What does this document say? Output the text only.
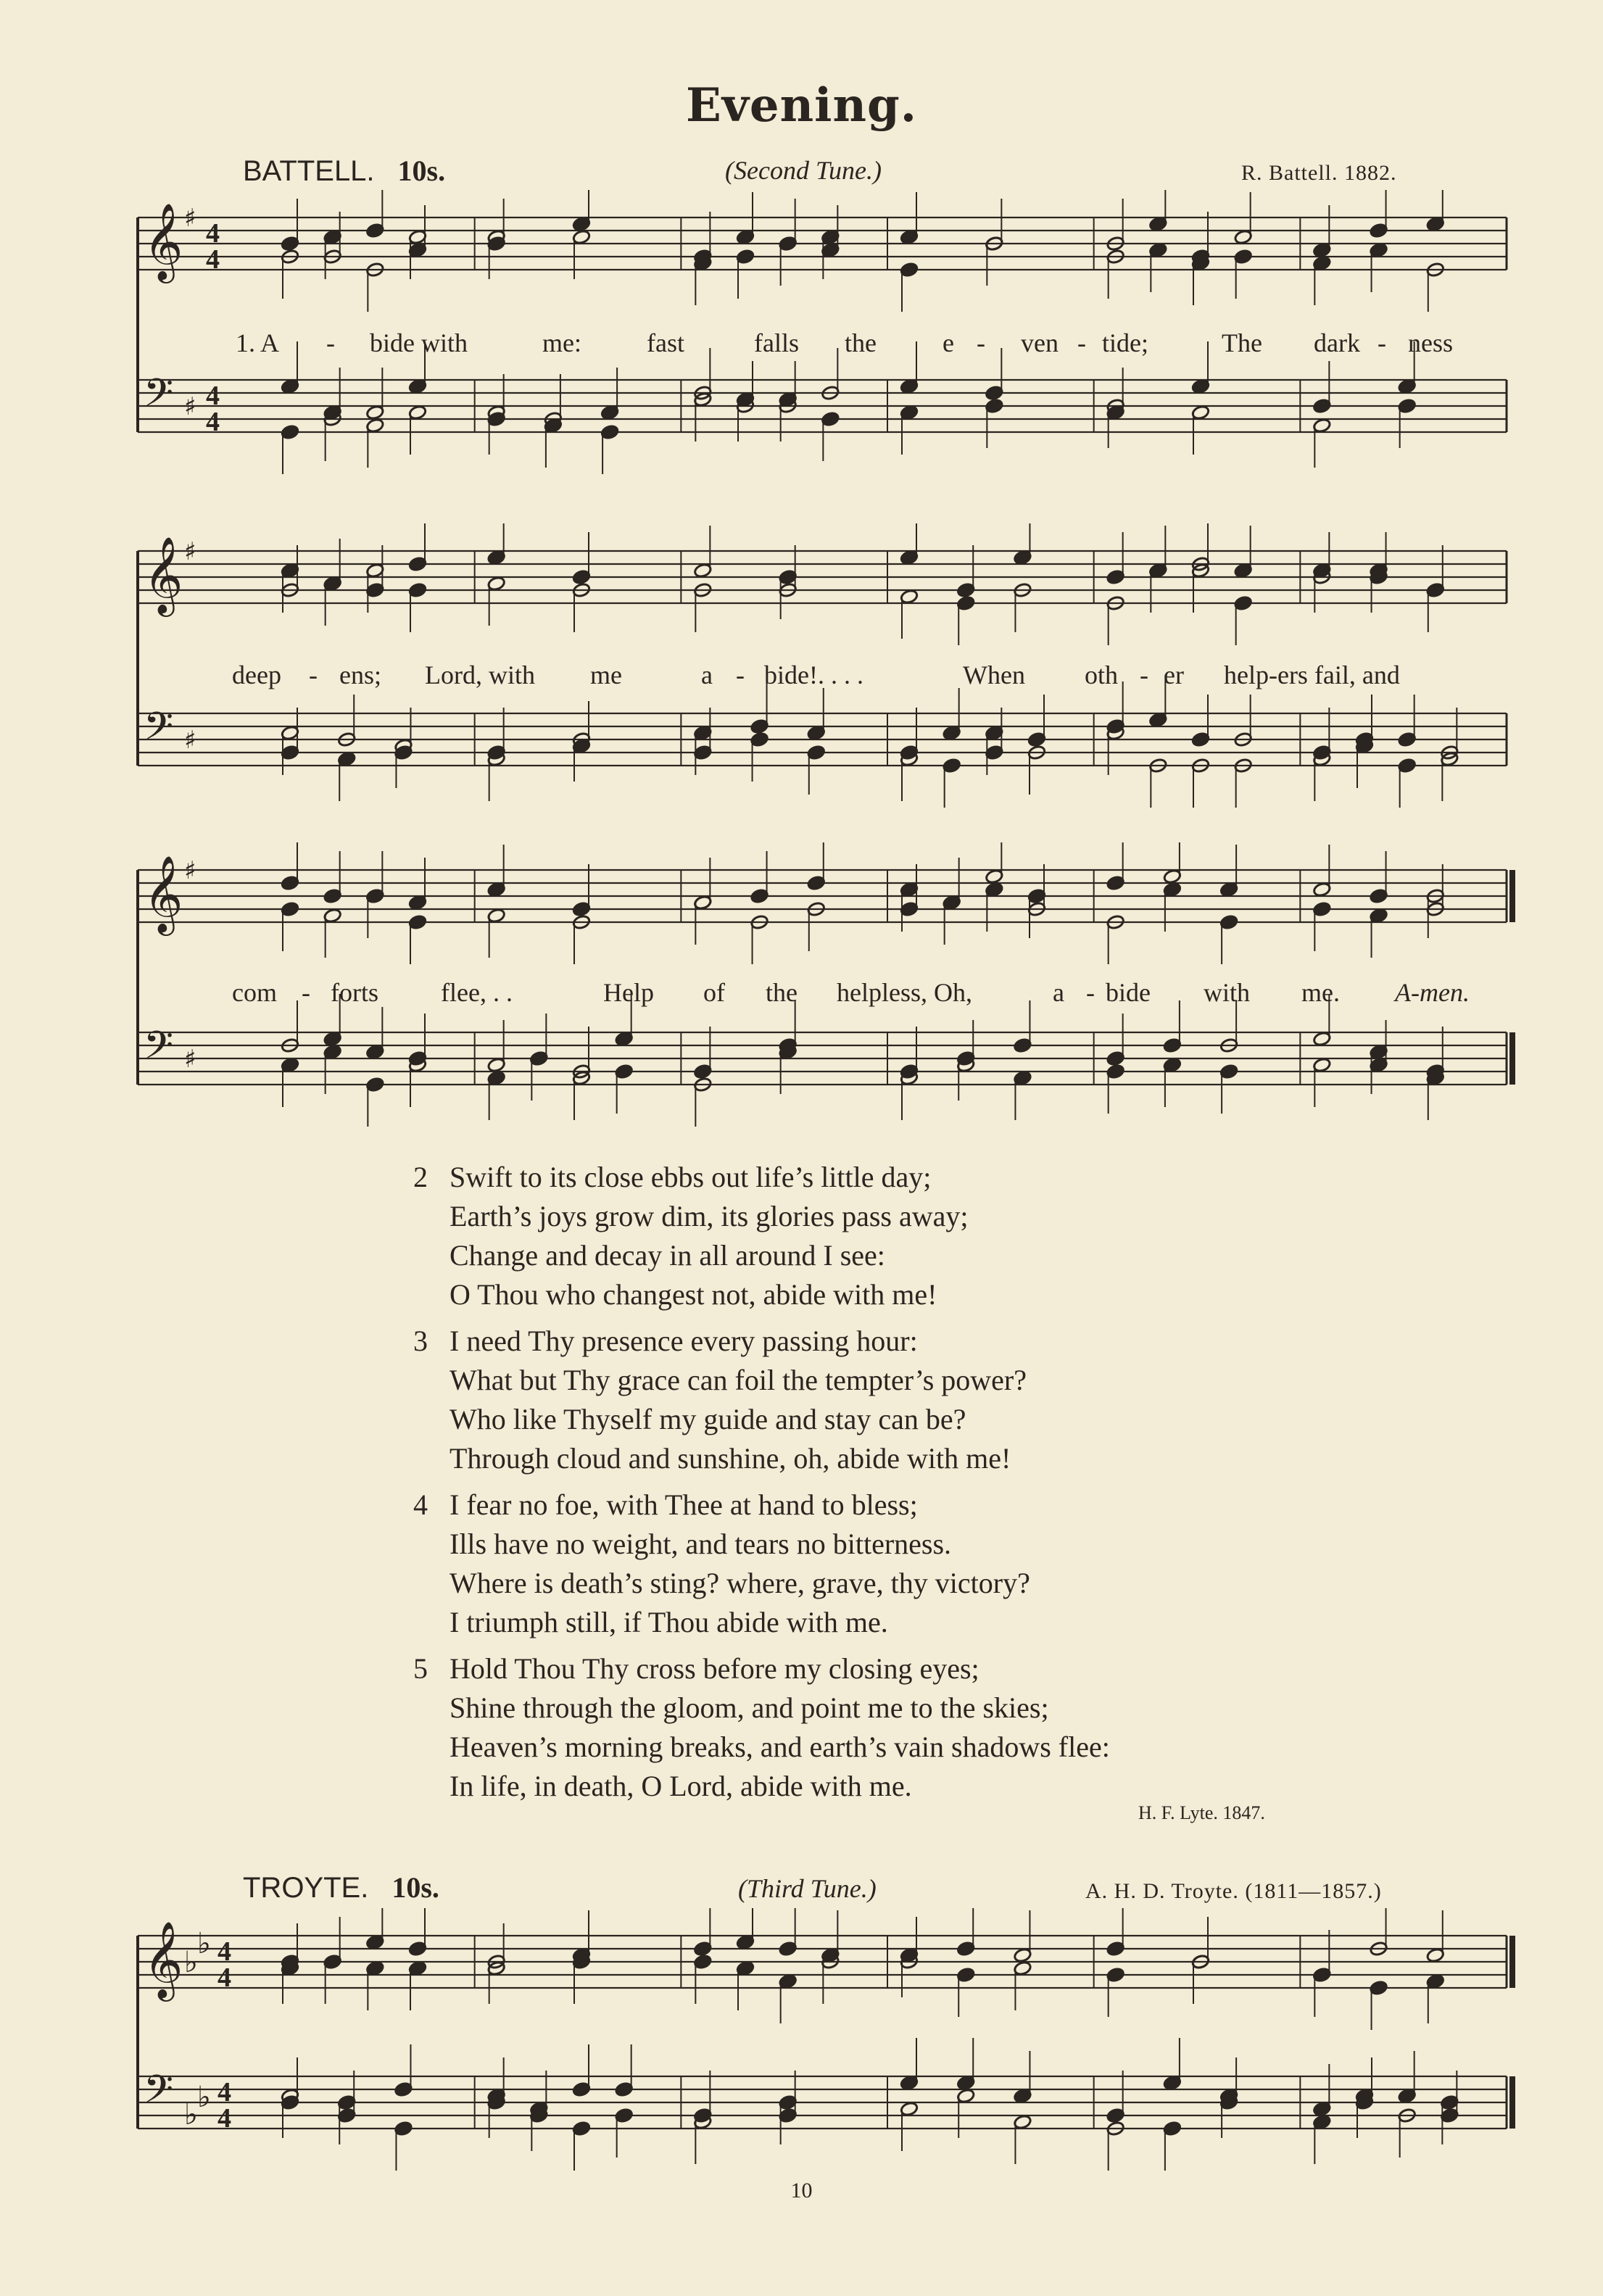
Evening.
BATTELL. 10s.	(Second Tune.)	R. Battell. 1882.
𝄞 ♯ 4
4
𝄢 ♯ 4
4
1. A - bide with	me:	fast	falls the	e - ven - tide;	The dark - ness
𝄞 ♯
𝄢 ♯
deep - ens; Lord, with me	a - bide!. . . .	When oth - er help-ers fail, and
𝄞 ♯
𝄢 ♯
com - forts flee, . .	Help of the helpless, Oh,	a - bide with me. A-men.
2 Swift to its close ebbs out life’s little day;
Earth’s joys grow dim, its glories pass away;
Change and decay in all around I see:
O Thou who changest not, abide with me!
3 I need Thy presence every passing hour:
What but Thy grace can foil the tempter’s power?
Who like Thyself my guide and stay can be?
Through cloud and sunshine, oh, abide with me!
4 I fear no foe, with Thee at hand to bless;
Ills have no weight, and tears no bitterness.
Where is death’s sting? where, grave, thy victory?
I triumph still, if Thou abide with me.
5 Hold Thou Thy cross before my closing eyes;
Shine through the gloom, and point me to the skies;
Heaven’s morning breaks, and earth’s vain shadows flee:
In life, in death, O Lord, abide with me.
H. F. Lyte. 1847.
TROYTE. 10s.	(Third Tune.)	A. H. D. Troyte. (1811—1857.)
𝄞 ♭
♭ 4
4
𝄢 ♭
♭ 4
4
10
